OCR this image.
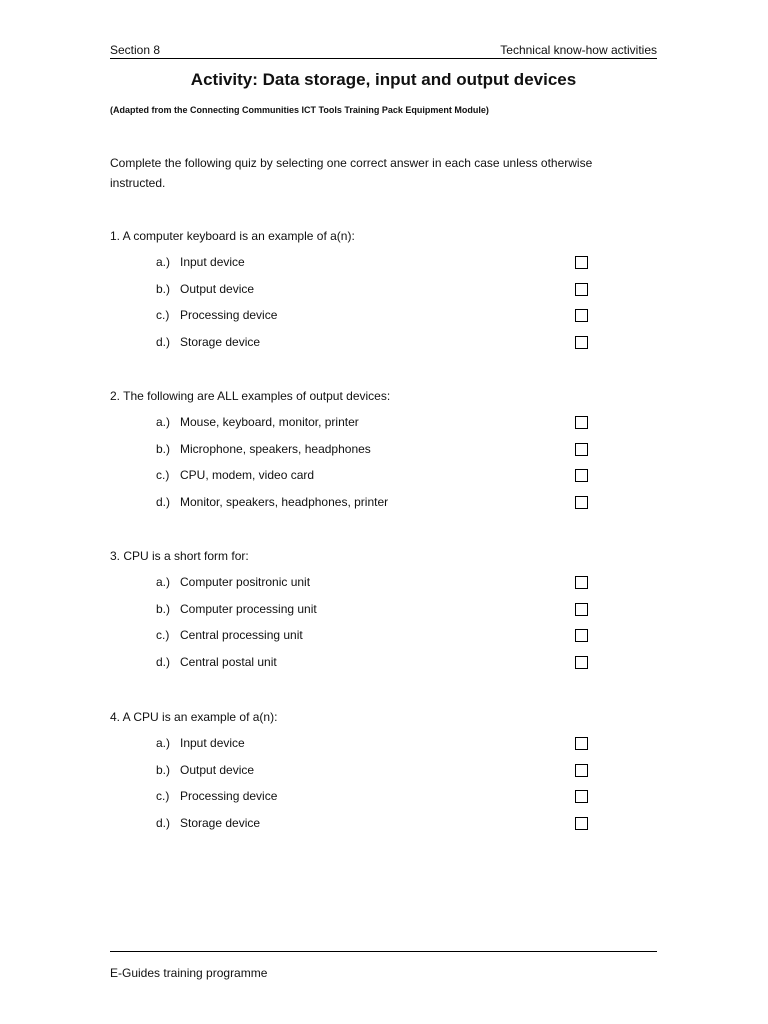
Section 8	Technical know-how activities
Activity: Data storage, input and output devices
(Adapted from the Connecting Communities ICT Tools Training Pack Equipment Module)
Complete the following quiz by selecting one correct answer in each case unless otherwise instructed.
1. A computer keyboard is an example of a(n):
a.) Input device
b.) Output device
c.) Processing device
d.) Storage device
2. The following are ALL examples of output devices:
a.) Mouse, keyboard, monitor, printer
b.) Microphone, speakers, headphones
c.) CPU, modem, video card
d.) Monitor, speakers, headphones, printer
3. CPU is a short form for:
a.) Computer positronic unit
b.) Computer processing unit
c.) Central processing unit
d.) Central postal unit
4. A CPU is an example of a(n):
a.) Input device
b.) Output device
c.) Processing device
d.) Storage device
E-Guides training programme
